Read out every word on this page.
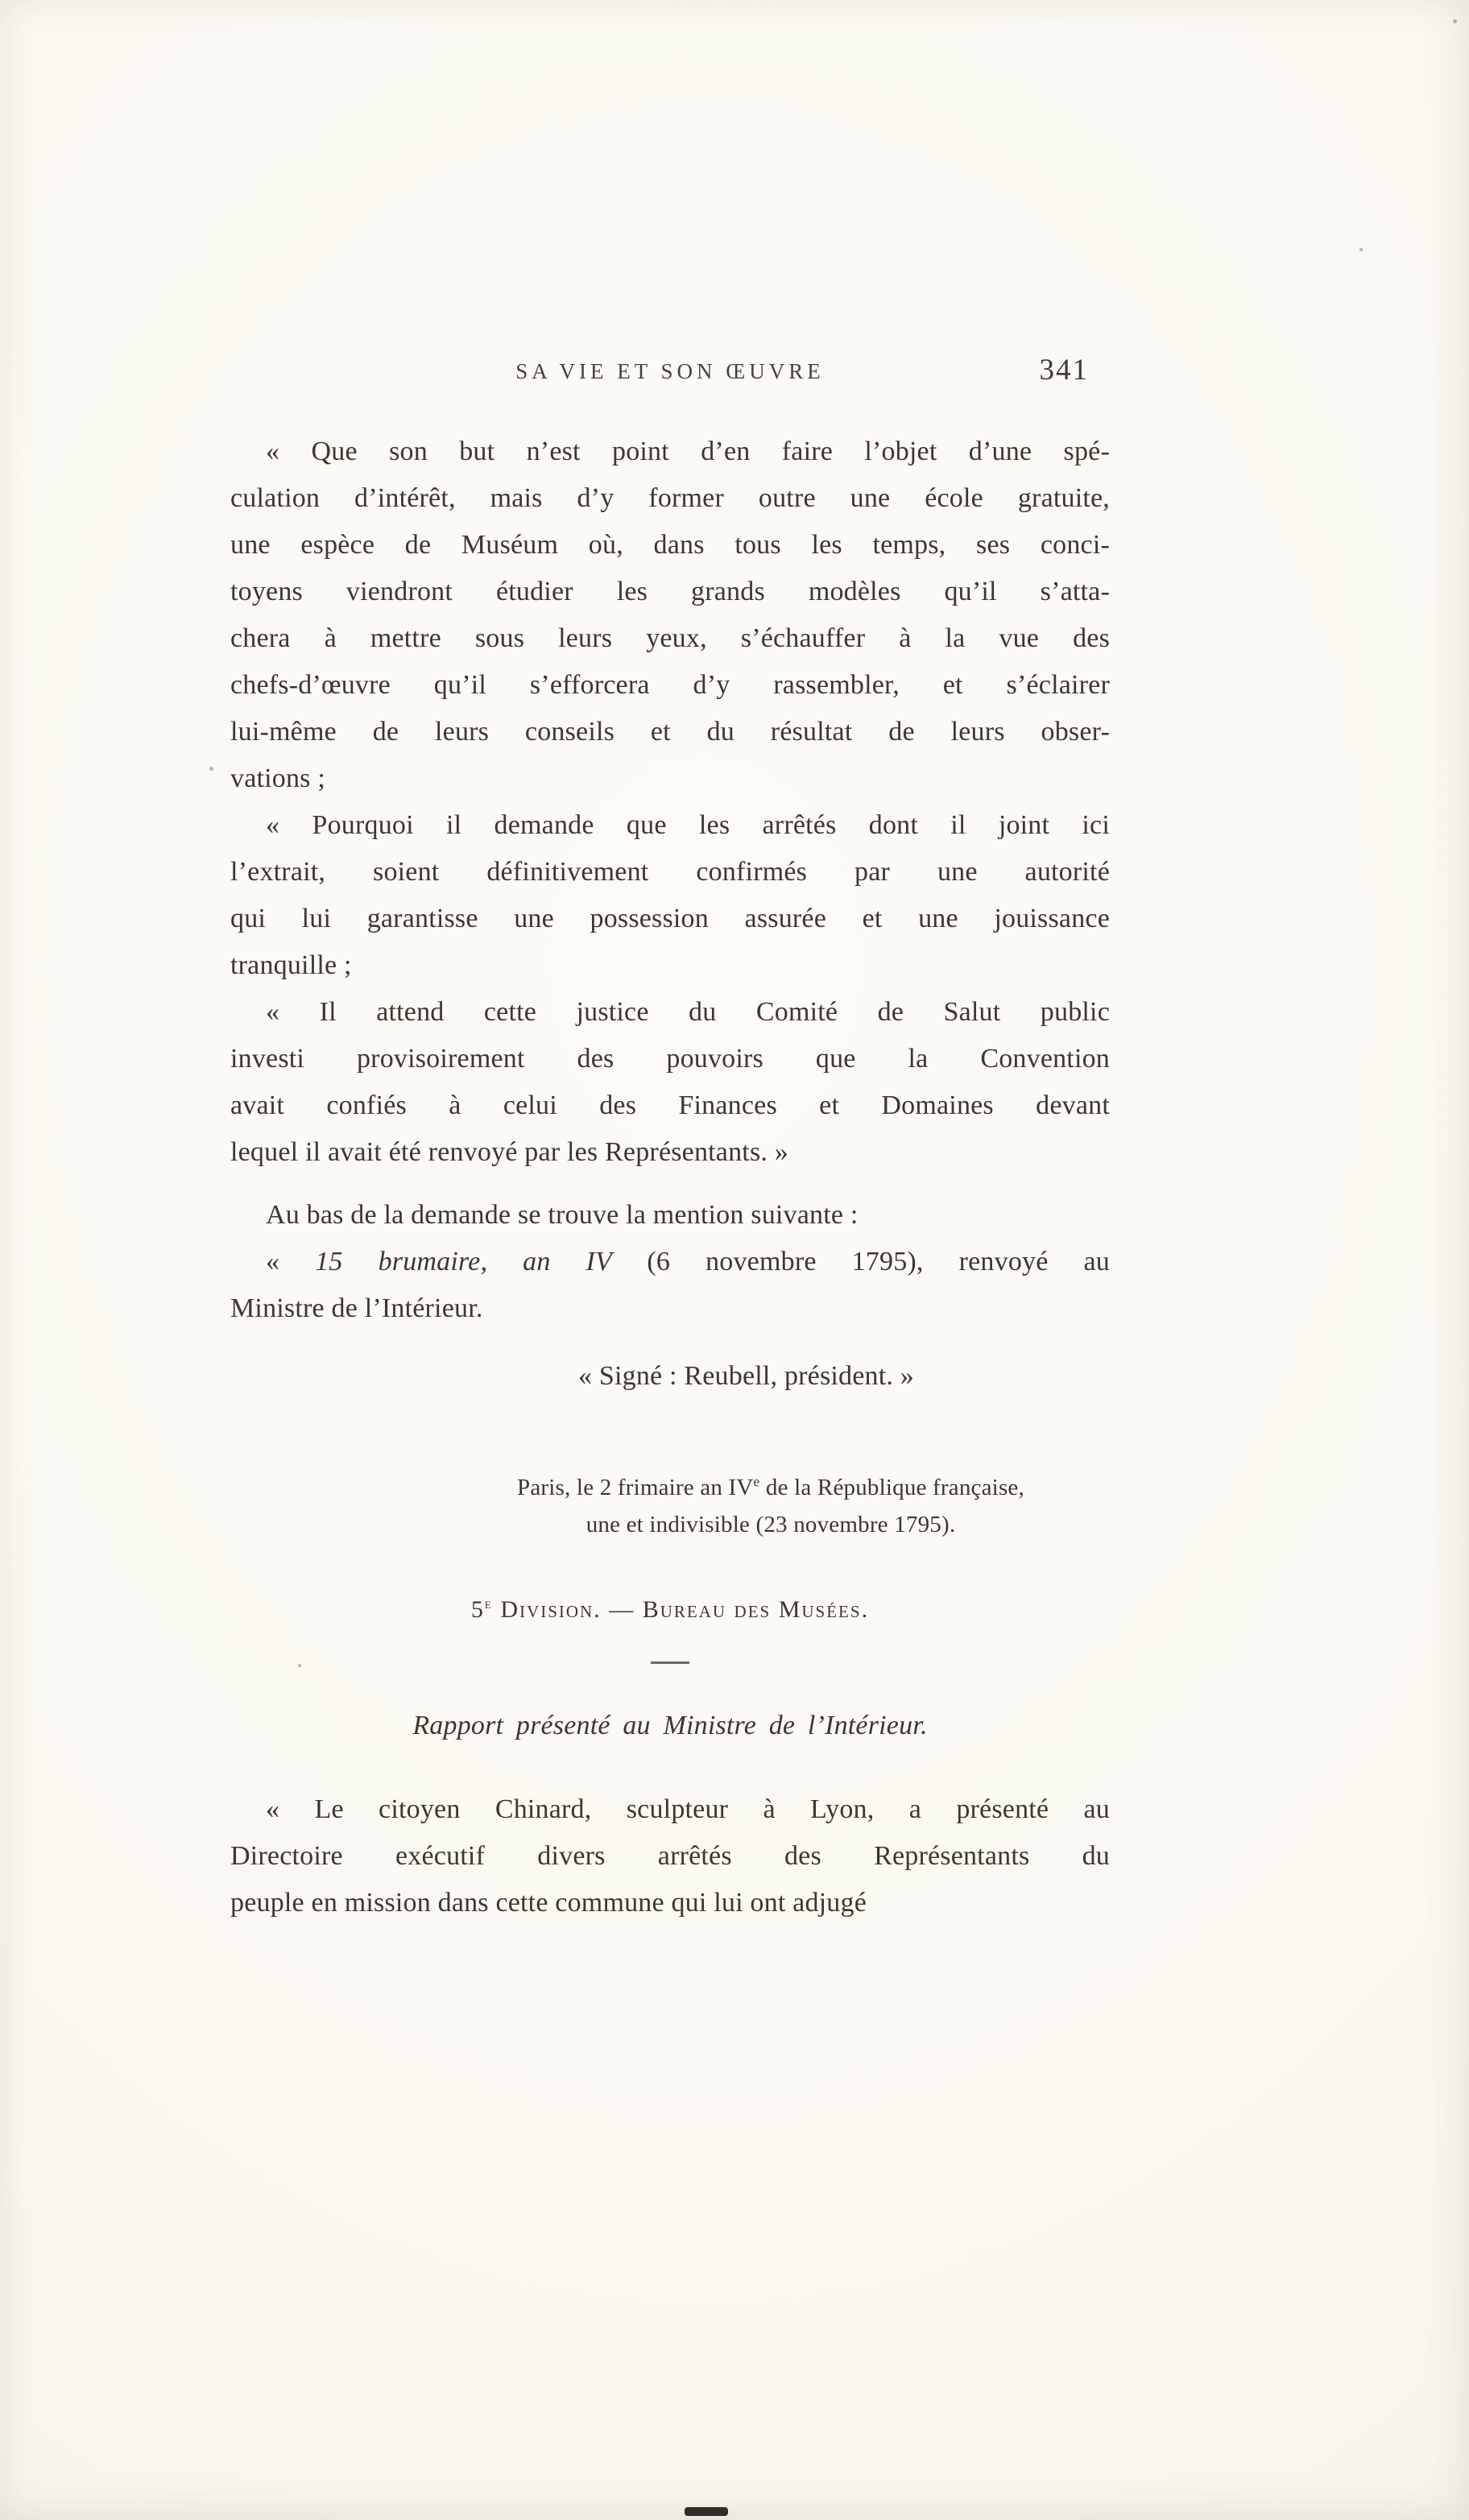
SA VIE ET SON ŒUVRE	341
« Que son but n’est point d’en faire l’objet d’une spé-
culation d’intérêt, mais d’y former outre une école gratuite,
une espèce de Muséum où, dans tous les temps, ses conci-
toyens viendront étudier les grands modèles qu’il s’atta-
chera à mettre sous leurs yeux, s’échauffer à la vue des
chefs-d’œuvre qu’il s’efforcera d’y rassembler, et s’éclairer
lui-même de leurs conseils et du résultat de leurs obser-
vations ;
« Pourquoi il demande que les arrêtés dont il joint ici
l’extrait, soient définitivement confirmés par une autorité
qui lui garantisse une possession assurée et une jouissance
tranquille ;
« Il attend cette justice du Comité de Salut public
investi provisoirement des pouvoirs que la Convention
avait confiés à celui des Finances et Domaines devant
lequel il avait été renvoyé par les Représentants. »
Au bas de la demande se trouve la mention suivante :
« 15 brumaire, an IV (6 novembre 1795), renvoyé au
Ministre de l’Intérieur.
« Signé : Reubell, président. »
Paris, le 2 frimaire an IVe de la République française,
une et indivisible (23 novembre 1795).
5e Division. — Bureau des Musées.
Rapport présenté au Ministre de l’Intérieur.
« Le citoyen Chinard, sculpteur à Lyon, a présenté au
Directoire exécutif divers arrêtés des Représentants du
peuple en mission dans cette commune qui lui ont adjugé
